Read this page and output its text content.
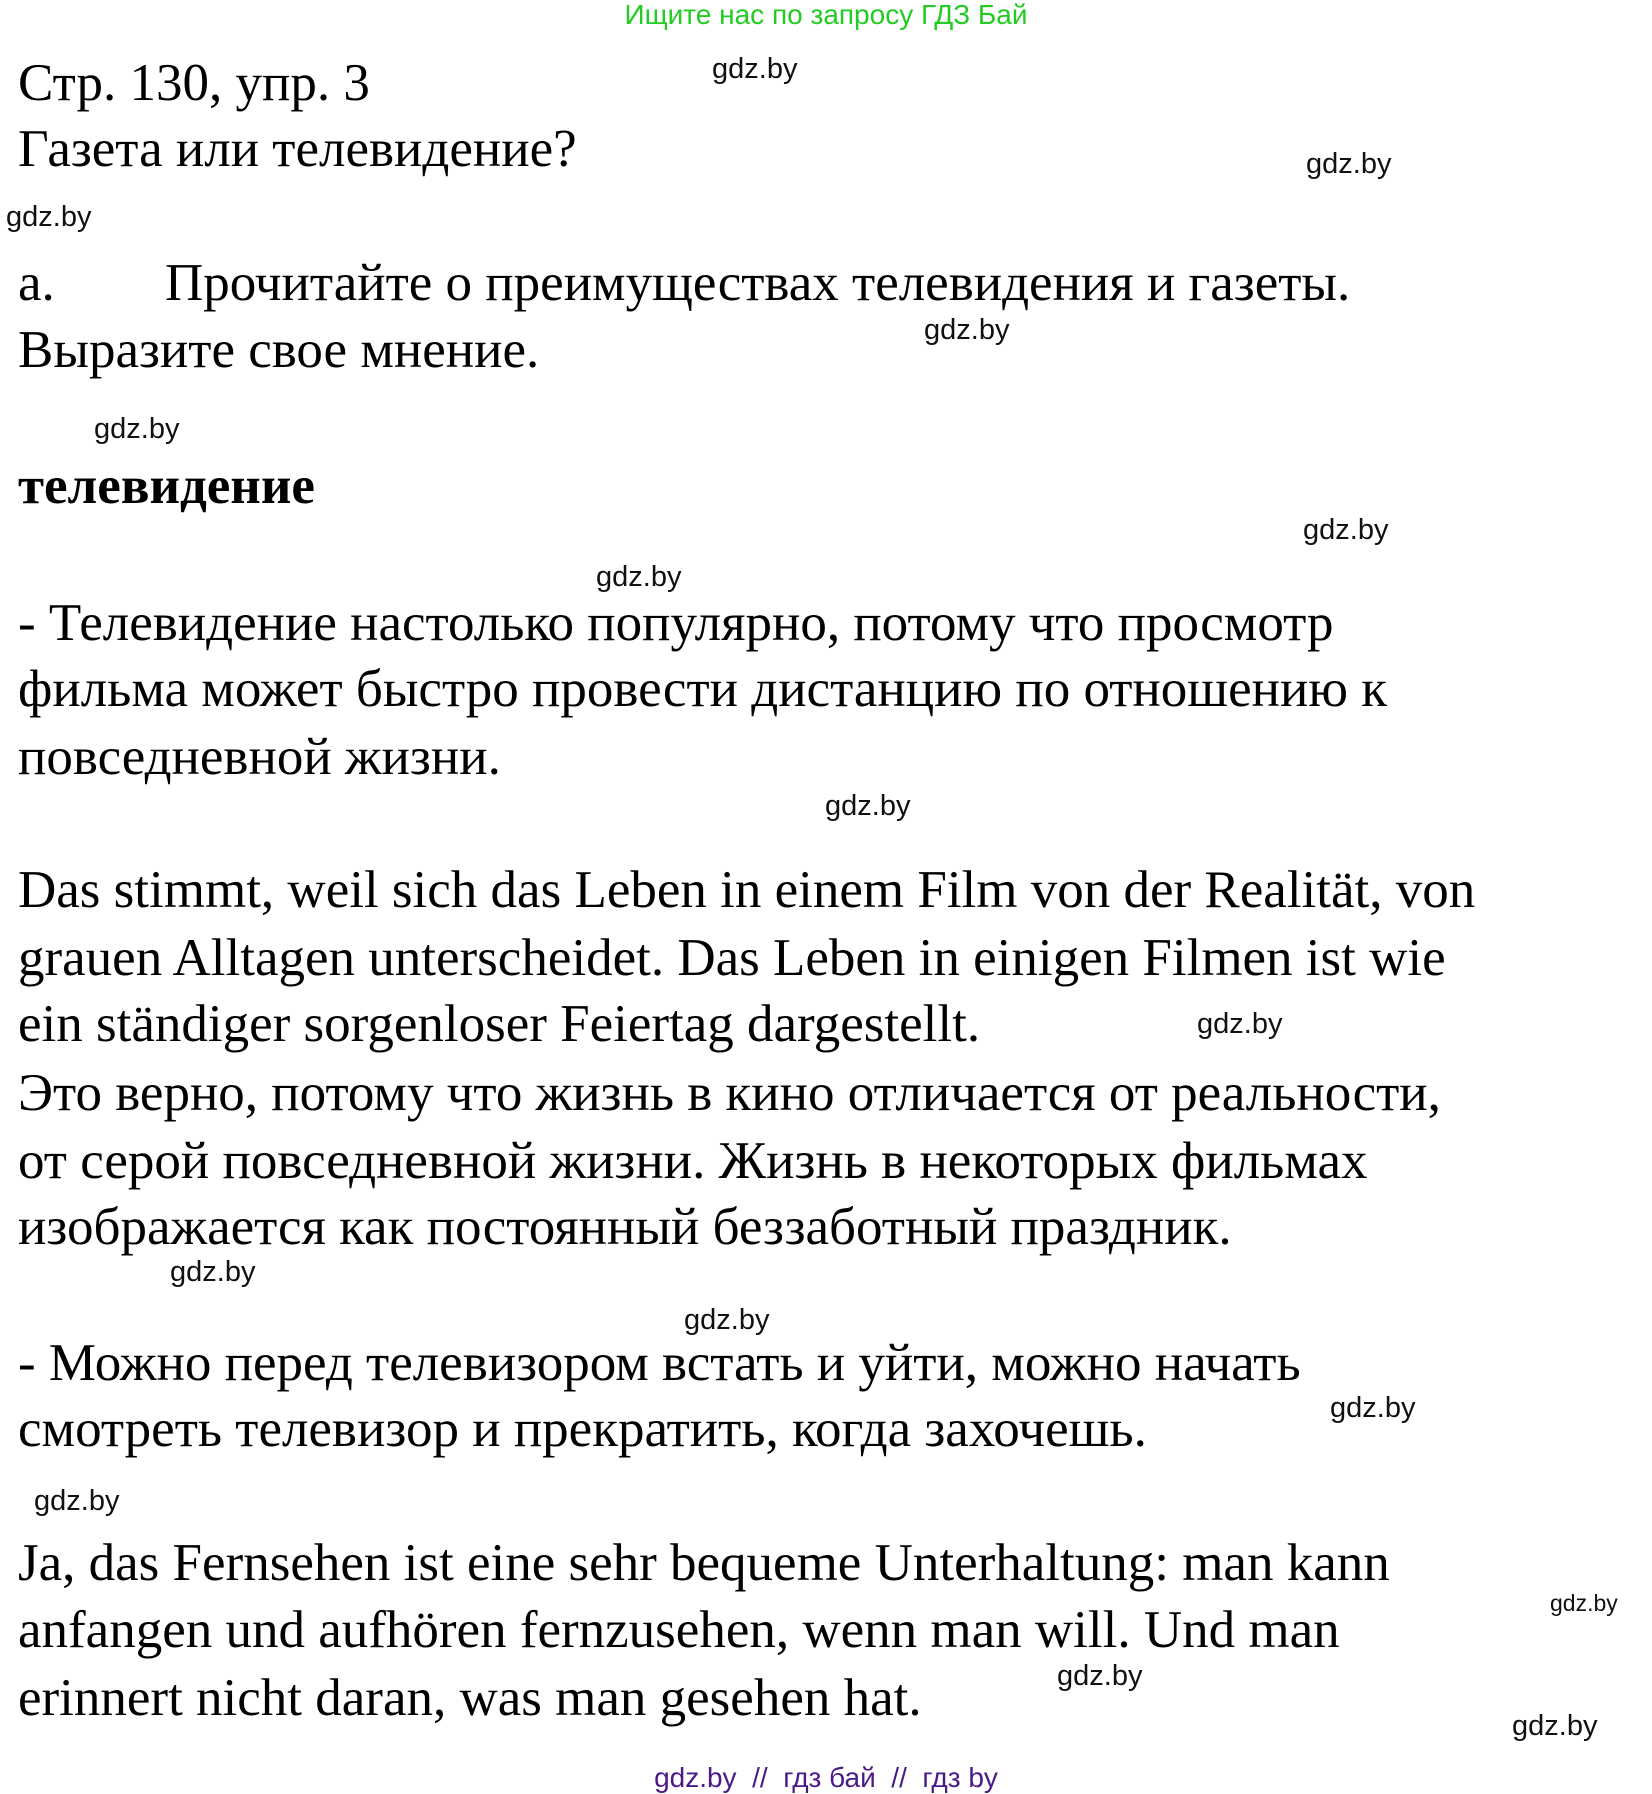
Ищите нас по запросу ГДЗ Бай
Стр. 130, упр. 3
Газета или телевидение?
а. Прочитайте о преимуществах телевидения и газеты.
Выразите свое мнение.
телевидение
- Телевидение настолько популярно, потому что просмотр
фильма может быстро провести дистанцию по отношению к
повседневной жизни.
Das stimmt, weil sich das Leben in einem Film von der Realität, von
grauen Alltagen unterscheidet. Das Leben in einigen Filmen ist wie
ein ständiger sorgenloser Feiertag dargestellt.
Это верно, потому что жизнь в кино отличается от реальности,
от серой повседневной жизни. Жизнь в некоторых фильмах
изображается как постоянный беззаботный праздник.
- Можно перед телевизором встать и уйти, можно начать
смотреть телевизор и прекратить, когда захочешь.
Ja, das Fernsehen ist eine sehr bequeme Unterhaltung: man kann
anfangen und aufhören fernzusehen, wenn man will. Und man
erinnert nicht daran, was man gesehen hat.
gdz.by
gdz.by
gdz.by
gdz.by
gdz.by
gdz.by
gdz.by
gdz.by
gdz.by
gdz.by
gdz.by
gdz.by
gdz.by
gdz.by
gdz.by
gdz.by
gdz.by  //  гдз бай  //  гдз by
